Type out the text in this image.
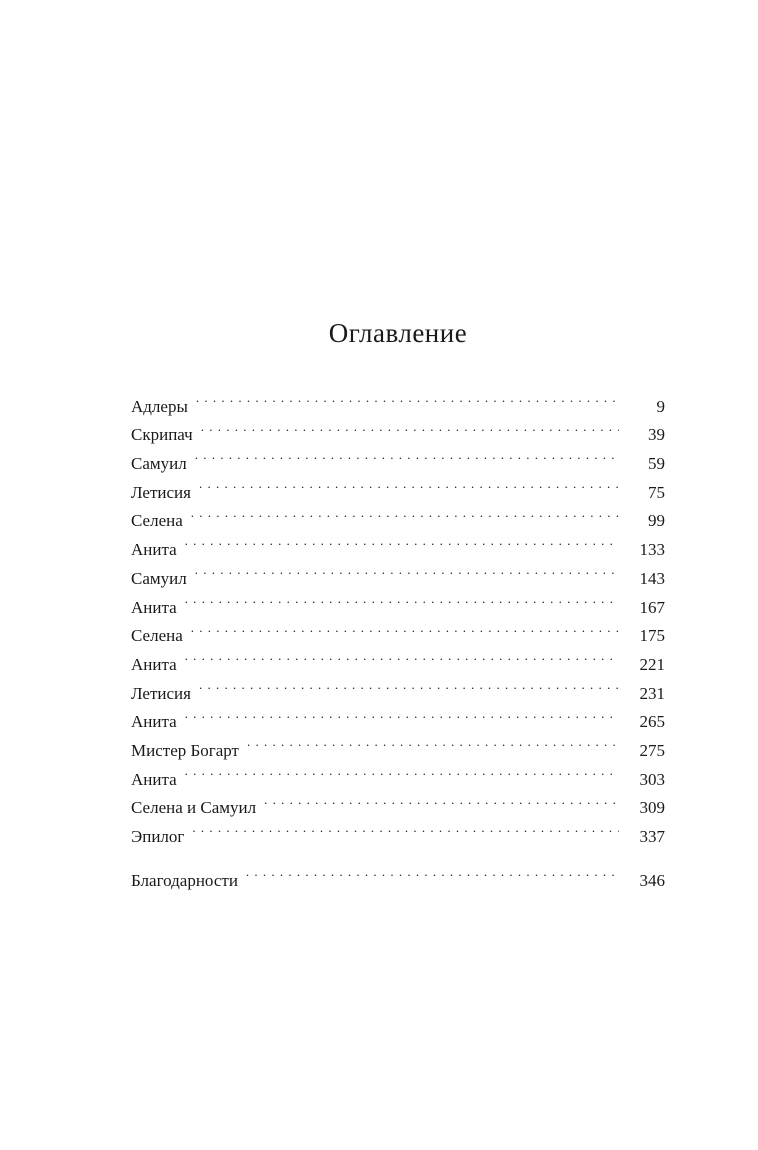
Оглавление
Адлеры . . .	9
Скрипач . . .	39
Самуил . . .	59
Летисия . . .	75
Селена . . .	99
Анита . . .	133
Самуил . . .	143
Анита . . .	167
Селена . . .	175
Анита . . .	221
Летисия . . .	231
Анита . . .	265
Мистер Богарт . . .	275
Анита . . .	303
Селена и Самуил . . .	309
Эпилог . . .	337
Благодарности . . .	346
